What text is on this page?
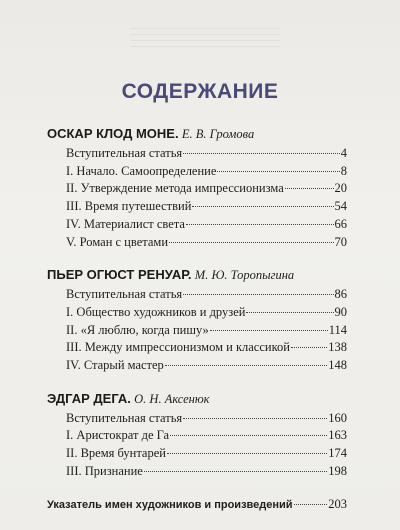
СОДЕРЖАНИЕ
ОСКАР КЛОД МОНЕ. Е. В. Громова
Вступительная статья	4
I. Начало. Самоопределение	8
II. Утверждение метода импрессионизма	20
III. Время путешествий	54
IV. Материалист света	66
V. Роман с цветами	70
ПЬЕР ОГЮСТ РЕНУАР. М. Ю. Торопыгина
Вступительная статья	86
I. Общество художников и друзей	90
II. «Я люблю, когда пишу»	114
III. Между импрессионизмом и классикой	138
IV. Старый мастер	148
ЭДГАР ДЕГА. О. Н. Аксенюк
Вступительная статья	160
I. Аристократ де Га	163
II. Время бунтарей	174
III. Признание	198
Указатель имен художников и произведений	203
